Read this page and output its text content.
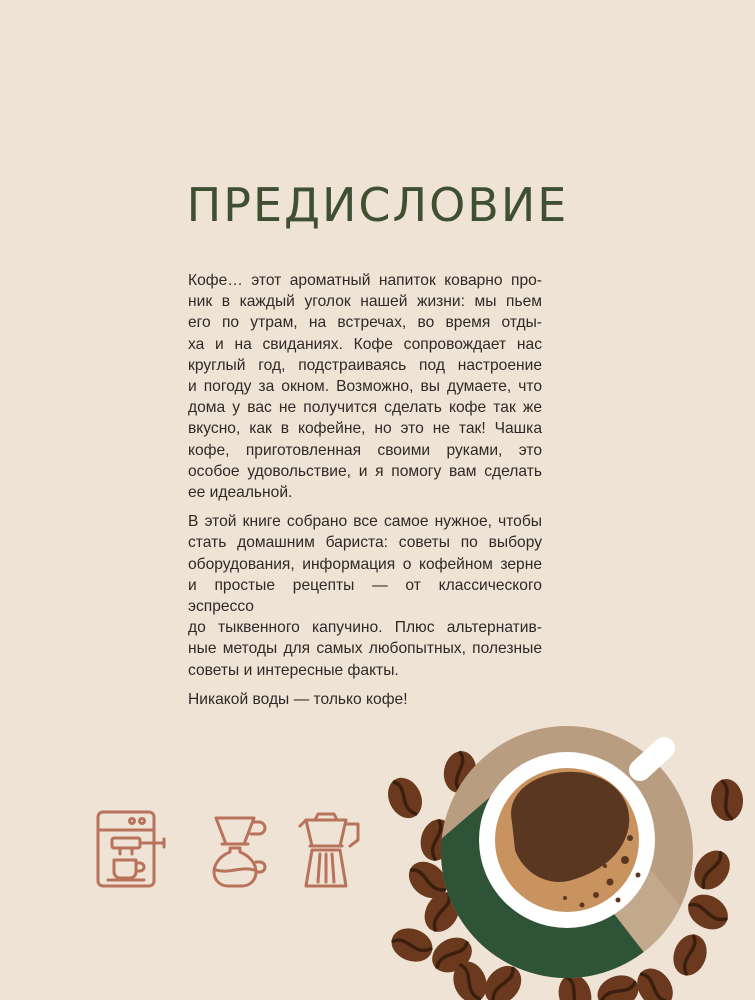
ПРЕДИСЛОВИЕ

Кофе… этот ароматный напиток коварно про-
ник в каждый уголок нашей жизни: мы пьем
его по утрам, на встречах, во время отды-
ха и на свиданиях. Кофе сопровождает нас
круглый год, подстраиваясь под настроение
и погоду за окном. Возможно, вы думаете, что
дома у вас не получится сделать кофе так же
вкусно, как в кофейне, но это не так! Чашка
кофе, приготовленная своими руками, это
особое удовольствие, и я помогу вам сделать
ее идеальной.

В этой книге собрано все самое нужное, чтобы
стать домашним бариста: советы по выбору
оборудования, информация о кофейном зерне
и простые рецепты — от классического эспрессо
до тыквенного капучино. Плюс альтернатив-
ные методы для самых любопытных, полезные
советы и интересные факты.

Никакой воды — только кофе!
